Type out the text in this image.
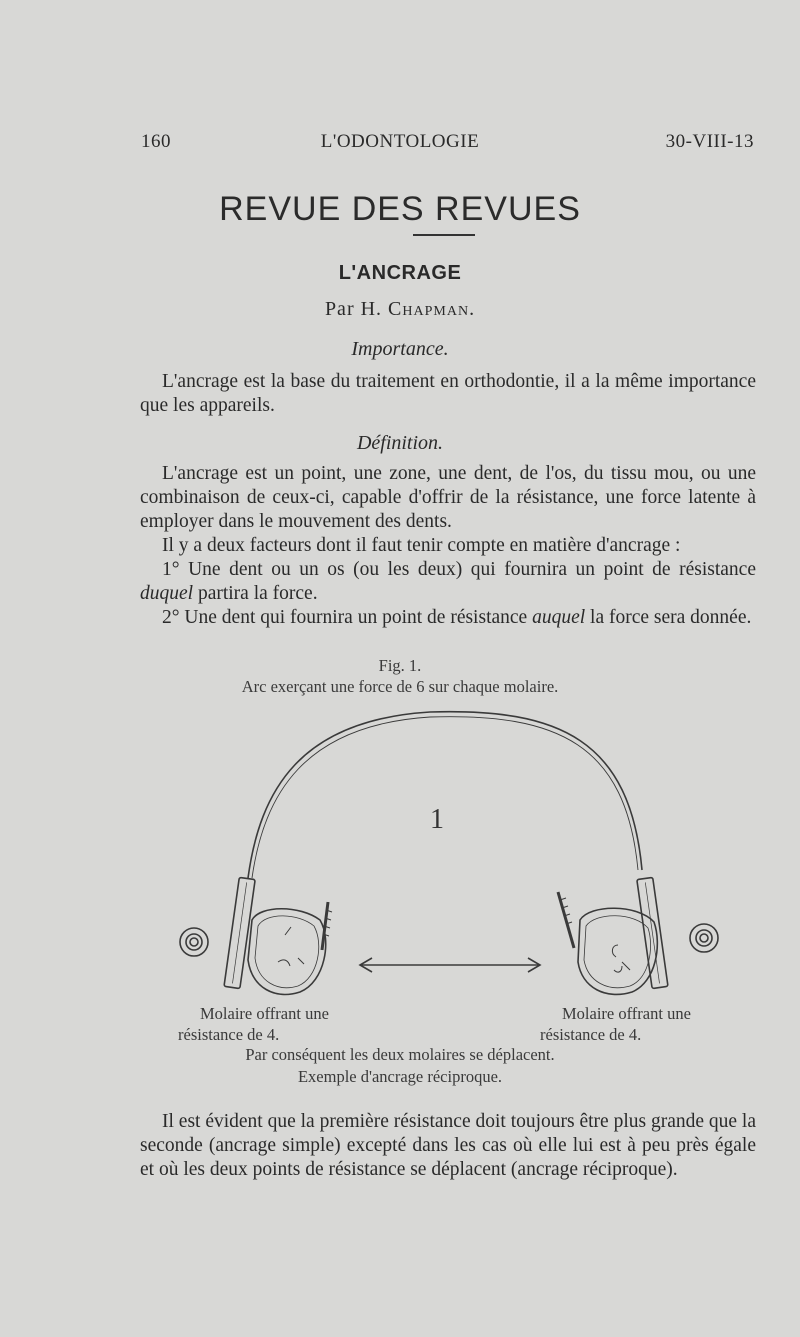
160	L'ODONTOLOGIE	30-VIII-13
REVUE DES REVUES
L'ANCRAGE
Par H. Chapman.
Importance.

L'ancrage est la base du traitement en orthodontie, il a la même importance que les appareils.

Définition.

L'ancrage est un point, une zone, une dent, de l'os, du tissu mou, ou une combinaison de ceux-ci, capable d'offrir de la résistance, une force latente à employer dans le mouvement des dents.

Il y a deux facteurs dont il faut tenir compte en matière d'ancrage :

1° Une dent ou un os (ou les deux) qui fournira un point de résistance duquel partira la force.

2° Une dent qui fournira un point de résistance auquel la force sera donnée.

Fig. 1.
Arc exerçant une force de 6 sur chaque molaire.
1
Molaire offrant une
résistance de 4.
Molaire offrant une
résistance de 4.
Par conséquent les deux molaires se déplacent.
Exemple d'ancrage réciproque.

Il est évident que la première résistance doit toujours être plus grande que la seconde (ancrage simple) excepté dans les cas où elle lui est à peu près égale et où les deux points de résistance se déplacent (ancrage réciproque).
